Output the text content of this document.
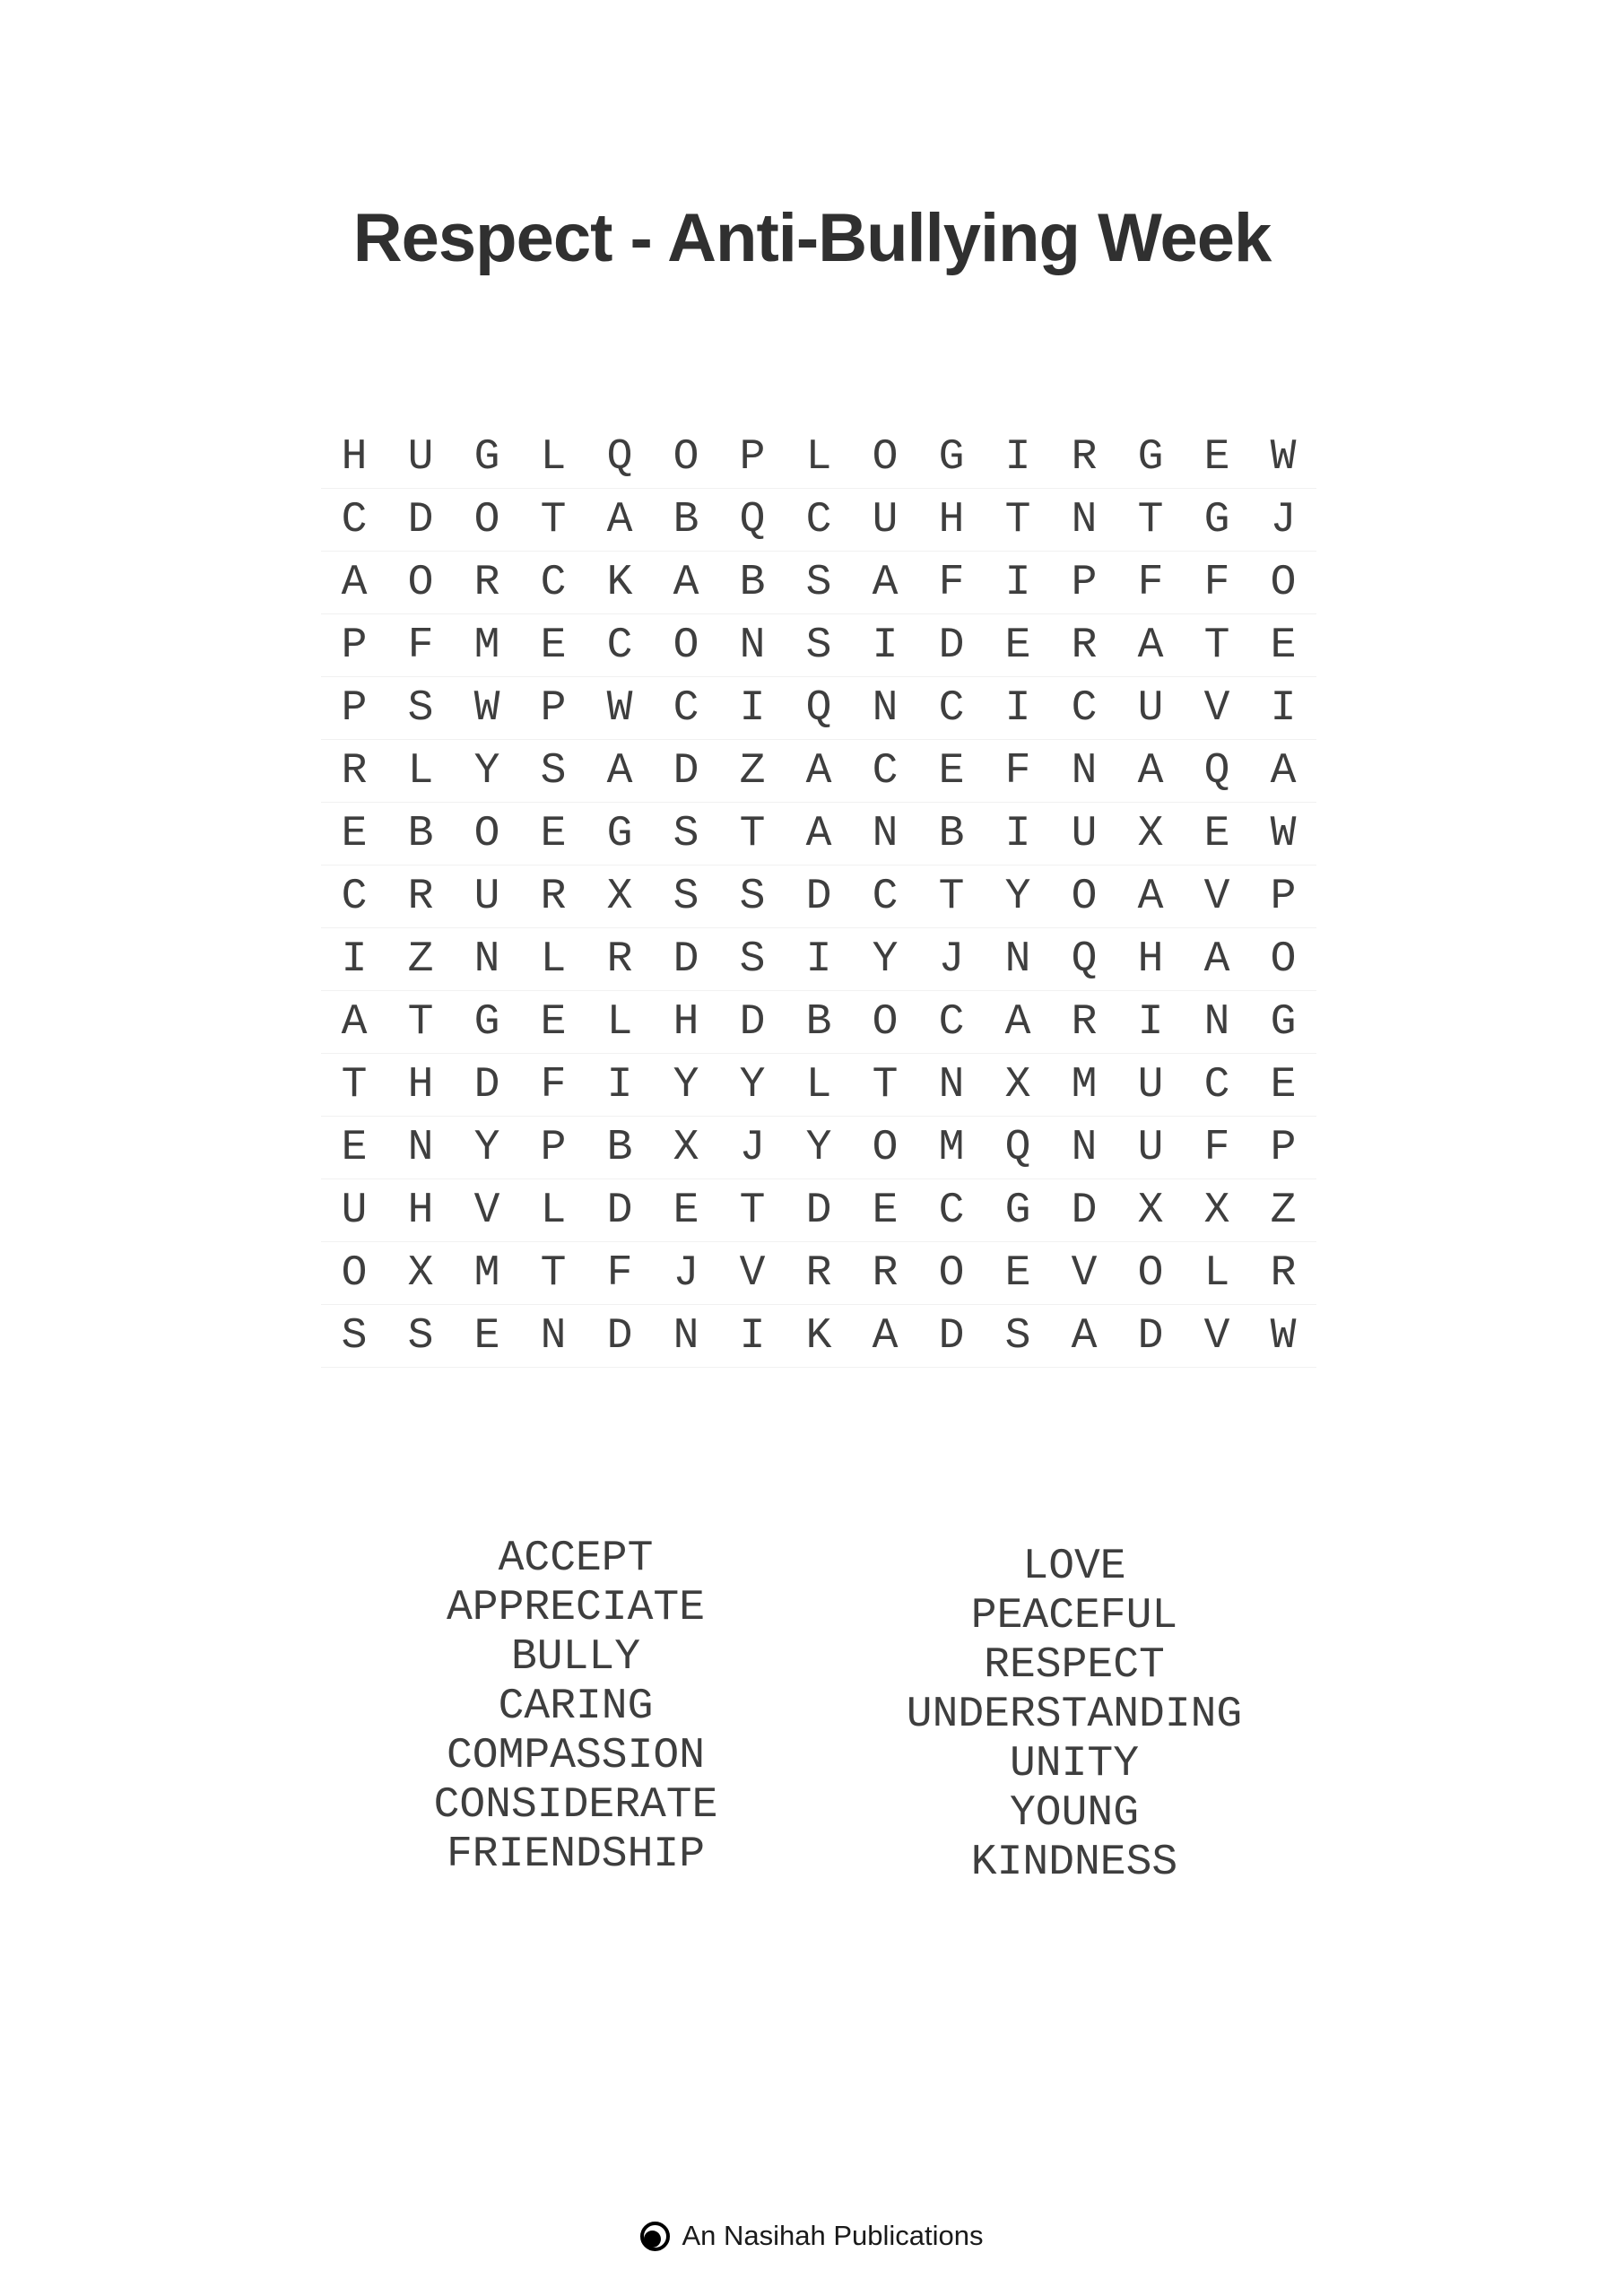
Respect - Anti-Bullying Week
H U G L Q O P L O G I R G E W
C D O T A B Q C U H T N T G J
A O R C K A B S A F I P F F O
P F M E C O N S I D E R A T E
P S W P W C I Q N C I C U V I
R L Y S A D Z A C E F N A Q A
E B O E G S T A N B I U X E W
C R U R X S S D C T Y O A V P
I Z N L R D S I Y J N Q H A O
A T G E L H D B O C A R I N G
T H D F I Y Y L T N X M U C E
E N Y P B X J Y O M Q N U F P
U H V L D E T D E C G D X X Z
O X M T F J V R R O E V O L R
S S E N D N I K A D S A D V W
ACCEPT
APPRECIATE
BULLY
CARING
COMPASSION
CONSIDERATE
FRIENDSHIP
LOVE
PEACEFUL
RESPECT
UNDERSTANDING
UNITY
YOUNG
KINDNESS
An Nasihah Publications
